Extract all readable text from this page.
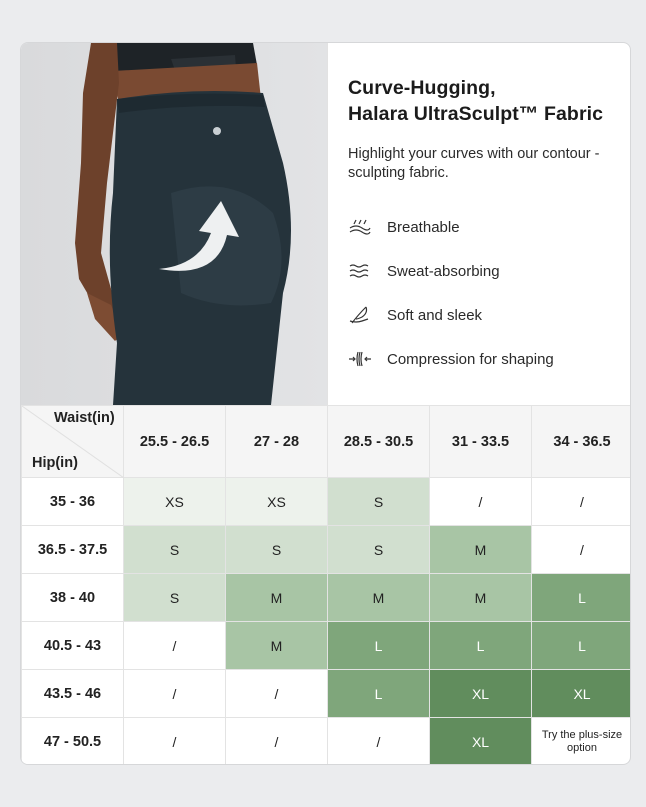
Curve-Hugging,
Halara UltraSculpt™ Fabric

Highlight your curves with our contour - sculpting fabric.

Breathable
Sweat-absorbing
Soft and sleek
Compression for shaping
Waist(in)
Hip(in)	25.5 - 26.5	27 - 28	28.5 - 30.5	31 - 33.5	34 - 36.5
35 - 36	XS	XS	S	/	/
36.5 - 37.5	S	S	S	M	/
38 - 40	S	M	M	M	L
40.5 - 43	/	M	L	L	L
43.5 - 46	/	/	L	XL	XL
47 - 50.5	/	/	/	XL	Try the plus-size option
